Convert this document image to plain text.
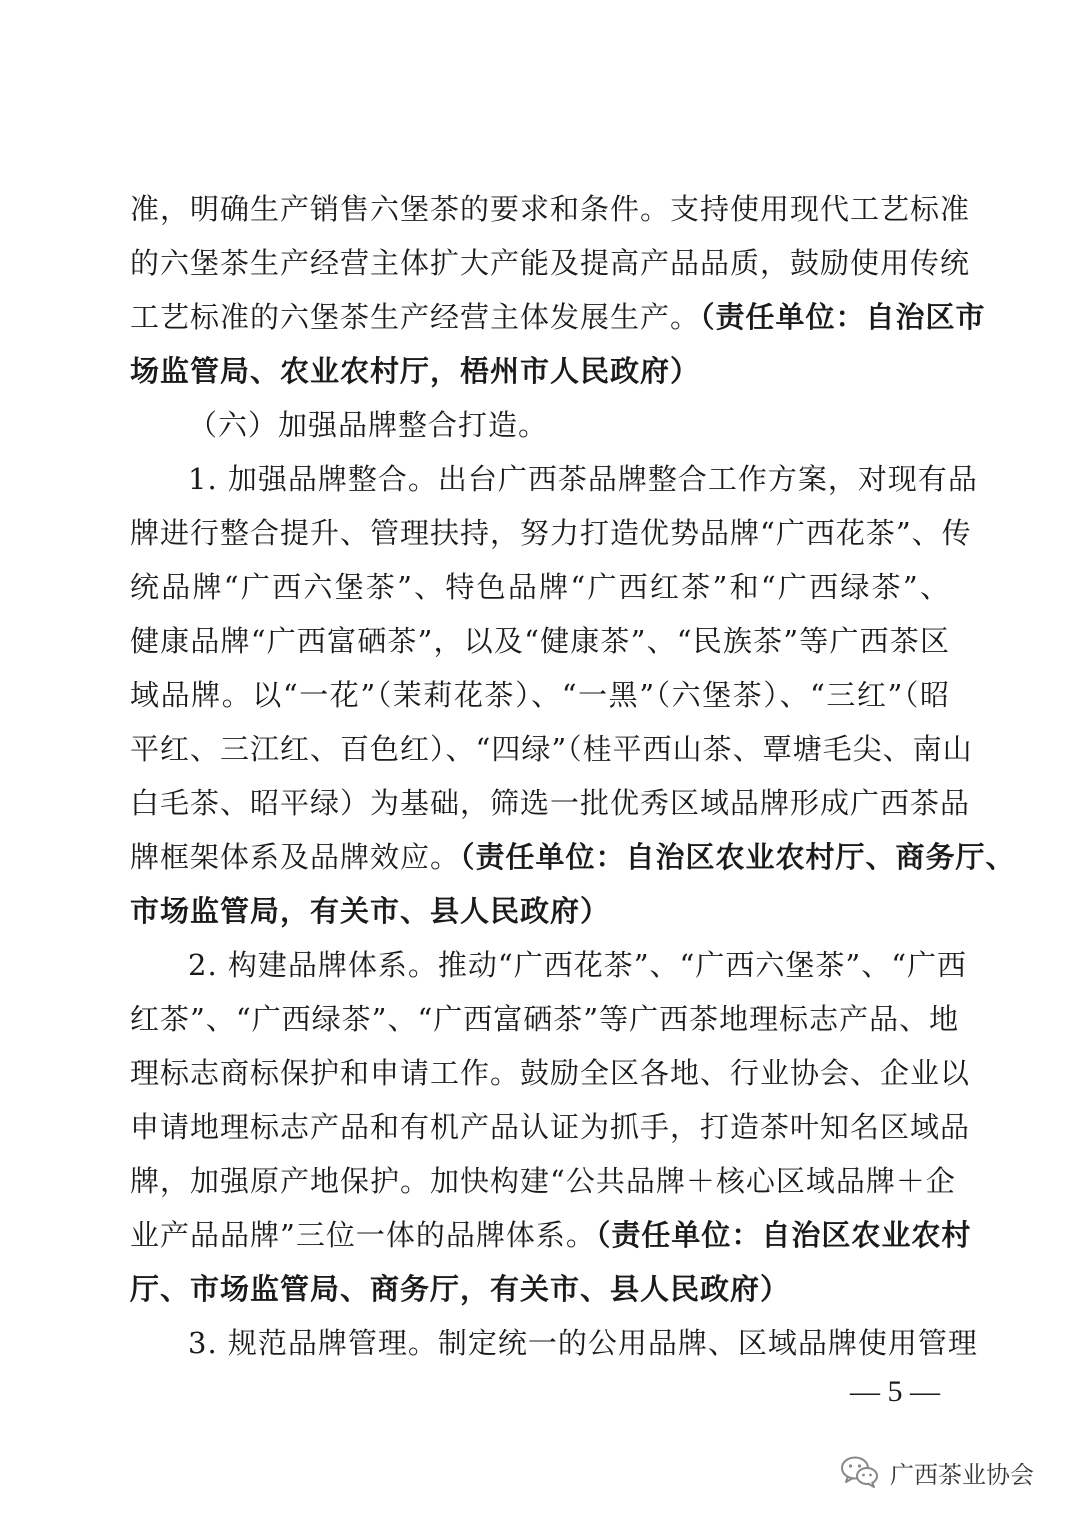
准，明确生产销售六堡茶的要求和条件。支持使用现代工艺标准
的六堡茶生产经营主体扩大产能及提高产品品质，鼓励使用传统
工艺标准的六堡茶生产经营主体发展生产。（责任单位：自治区市
场监管局、农业农村厅，梧州市人民政府）
（六）加强品牌整合打造。
1. 加强品牌整合。出台广西茶品牌整合工作方案，对现有品
牌进行整合提升、管理扶持，努力打造优势品牌“广西花茶”、传
统品牌“广西六堡茶”、特色品牌“广西红茶”和“广西绿茶”、
健康品牌“广西富硒茶”，以及“健康茶”、“民族茶”等广西茶区
域品牌。以“一花”（茉莉花茶）、“一黑”（六堡茶）、“三红”（昭
平红、三江红、百色红）、“四绿”（桂平西山茶、覃塘毛尖、南山
白毛茶、昭平绿）为基础，筛选一批优秀区域品牌形成广西茶品
牌框架体系及品牌效应。（责任单位：自治区农业农村厅、商务厅、
市场监管局，有关市、县人民政府）
2. 构建品牌体系。推动“广西花茶”、“广西六堡茶”、“广西
红茶”、“广西绿茶”、“广西富硒茶”等广西茶地理标志产品、地
理标志商标保护和申请工作。鼓励全区各地、行业协会、企业以
申请地理标志产品和有机产品认证为抓手，打造茶叶知名区域品
牌，加强原产地保护。加快构建“公共品牌＋核心区域品牌＋企
业产品品牌”三位一体的品牌体系。（责任单位：自治区农业农村
厅、市场监管局、商务厅，有关市、县人民政府）
3. 规范品牌管理。制定统一的公用品牌、区域品牌使用管理
— 5 —
广西茶业协会
